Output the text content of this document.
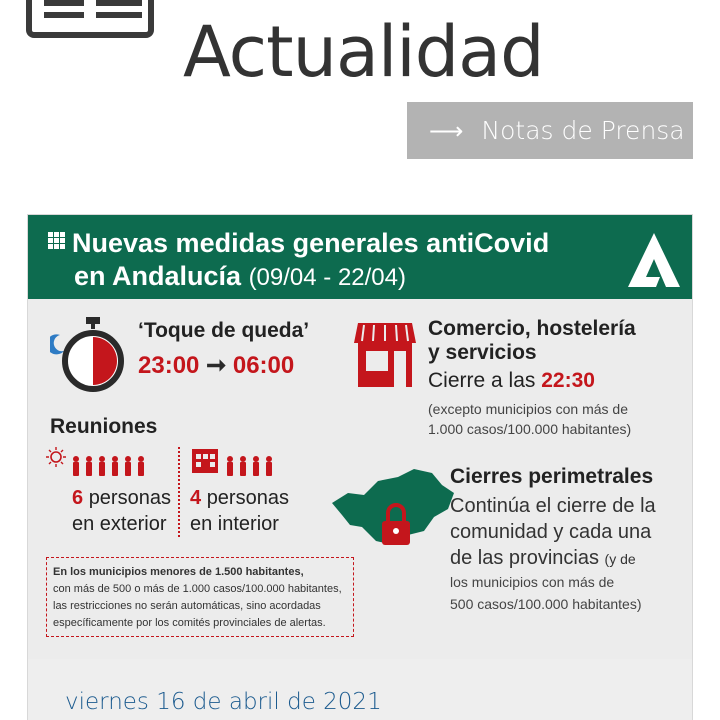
Actualidad
⟶ Notas de Prensa
Nuevas medidas generales antiCovid
en Andalucía (09/04 - 22/04)
‘Toque de queda’
23:00 ➞ 06:00
Comercio, hostelería
y servicios
Cierre a las 22:30
(excepto municipios con más de
1.000 casos/100.000 habitantes)
Reuniones
6 personas
en exterior
4 personas
en interior
En los municipios menores de 1.500 habitantes,
con más de 500 o más de 1.000 casos/100.000 habitantes,
las restricciones no serán automáticas, sino acordadas
específicamente por los comités provinciales de alertas.
Cierres perimetrales
Continúa el cierre de la
comunidad y cada una
de las provincias (y de
los municipios con más de
500 casos/100.000 habitantes)
viernes 16 de abril de 2021
